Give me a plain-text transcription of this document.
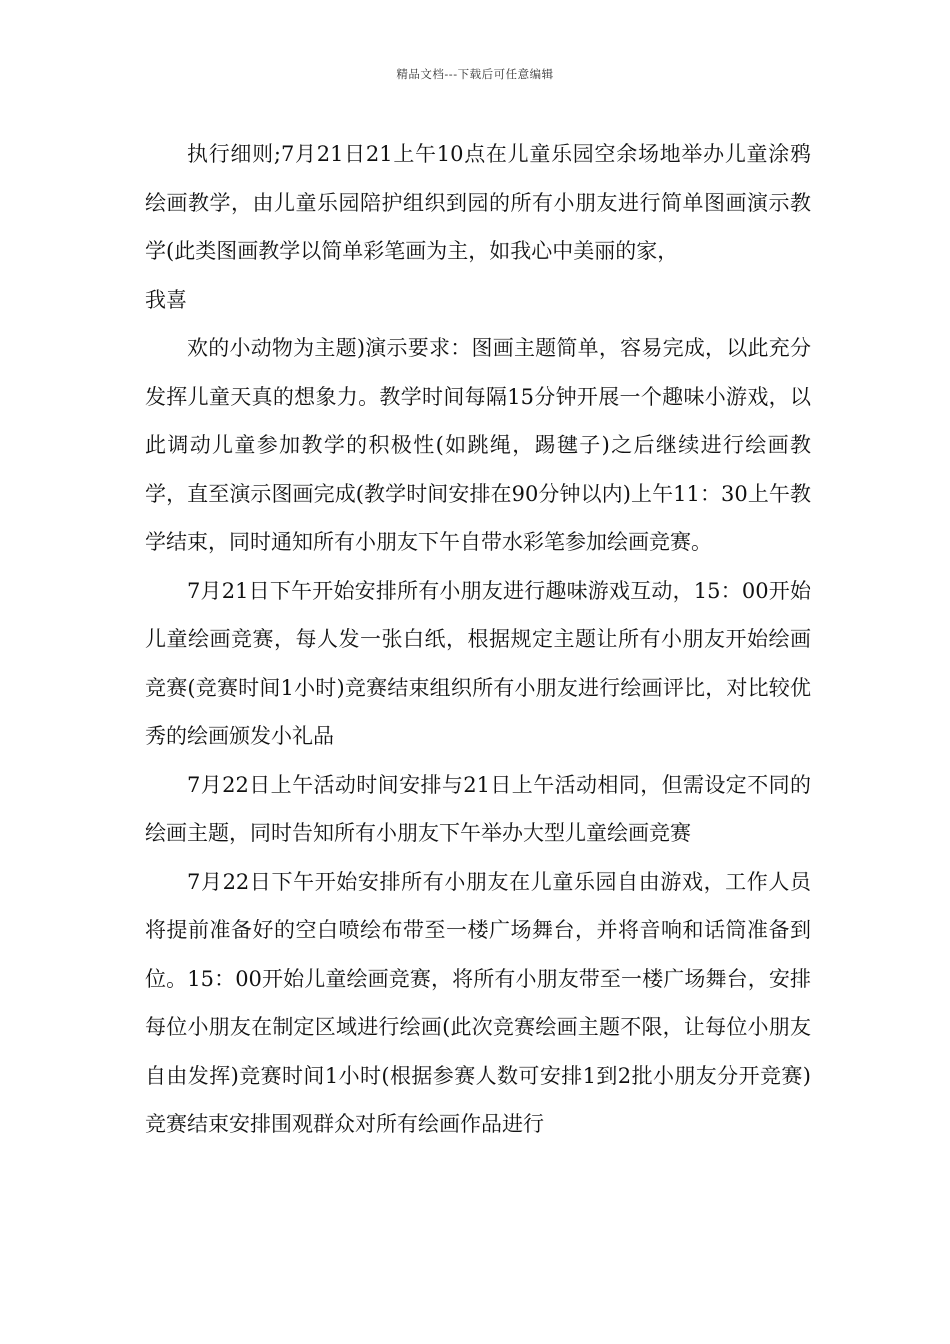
精品文档---下载后可任意编辑

执行细则;7月21日21上午10点在儿童乐园空余场地举办儿童涂鸦绘画教学，由儿童乐园陪护组织到园的所有小朋友进行简单图画演示教学(此类图画教学以简单彩笔画为主，如我心中美丽的家，

我喜

欢的小动物为主题)演示要求：图画主题简单，容易完成，以此充分发挥儿童天真的想象力。教学时间每隔15分钟开展一个趣味小游戏，以此调动儿童参加教学的积极性(如跳绳，踢毽子)之后继续进行绘画教学，直至演示图画完成(教学时间安排在90分钟以内)上午11：30上午教学结束，同时通知所有小朋友下午自带水彩笔参加绘画竞赛。

7月21日下午开始安排所有小朋友进行趣味游戏互动，15：00开始儿童绘画竞赛，每人发一张白纸，根据规定主题让所有小朋友开始绘画竞赛(竞赛时间1小时)竞赛结束组织所有小朋友进行绘画评比，对比较优秀的绘画颁发小礼品

7月22日上午活动时间安排与21日上午活动相同，但需设定不同的绘画主题，同时告知所有小朋友下午举办大型儿童绘画竞赛

7月22日下午开始安排所有小朋友在儿童乐园自由游戏，工作人员将提前准备好的空白喷绘布带至一楼广场舞台，并将音响和话筒准备到位。15：00开始儿童绘画竞赛，将所有小朋友带至一楼广场舞台，安排每位小朋友在制定区域进行绘画(此次竞赛绘画主题不限，让每位小朋友自由发挥)竞赛时间1小时(根据参赛人数可安排1到2批小朋友分开竞赛)竞赛结束安排围观群众对所有绘画作品进行
